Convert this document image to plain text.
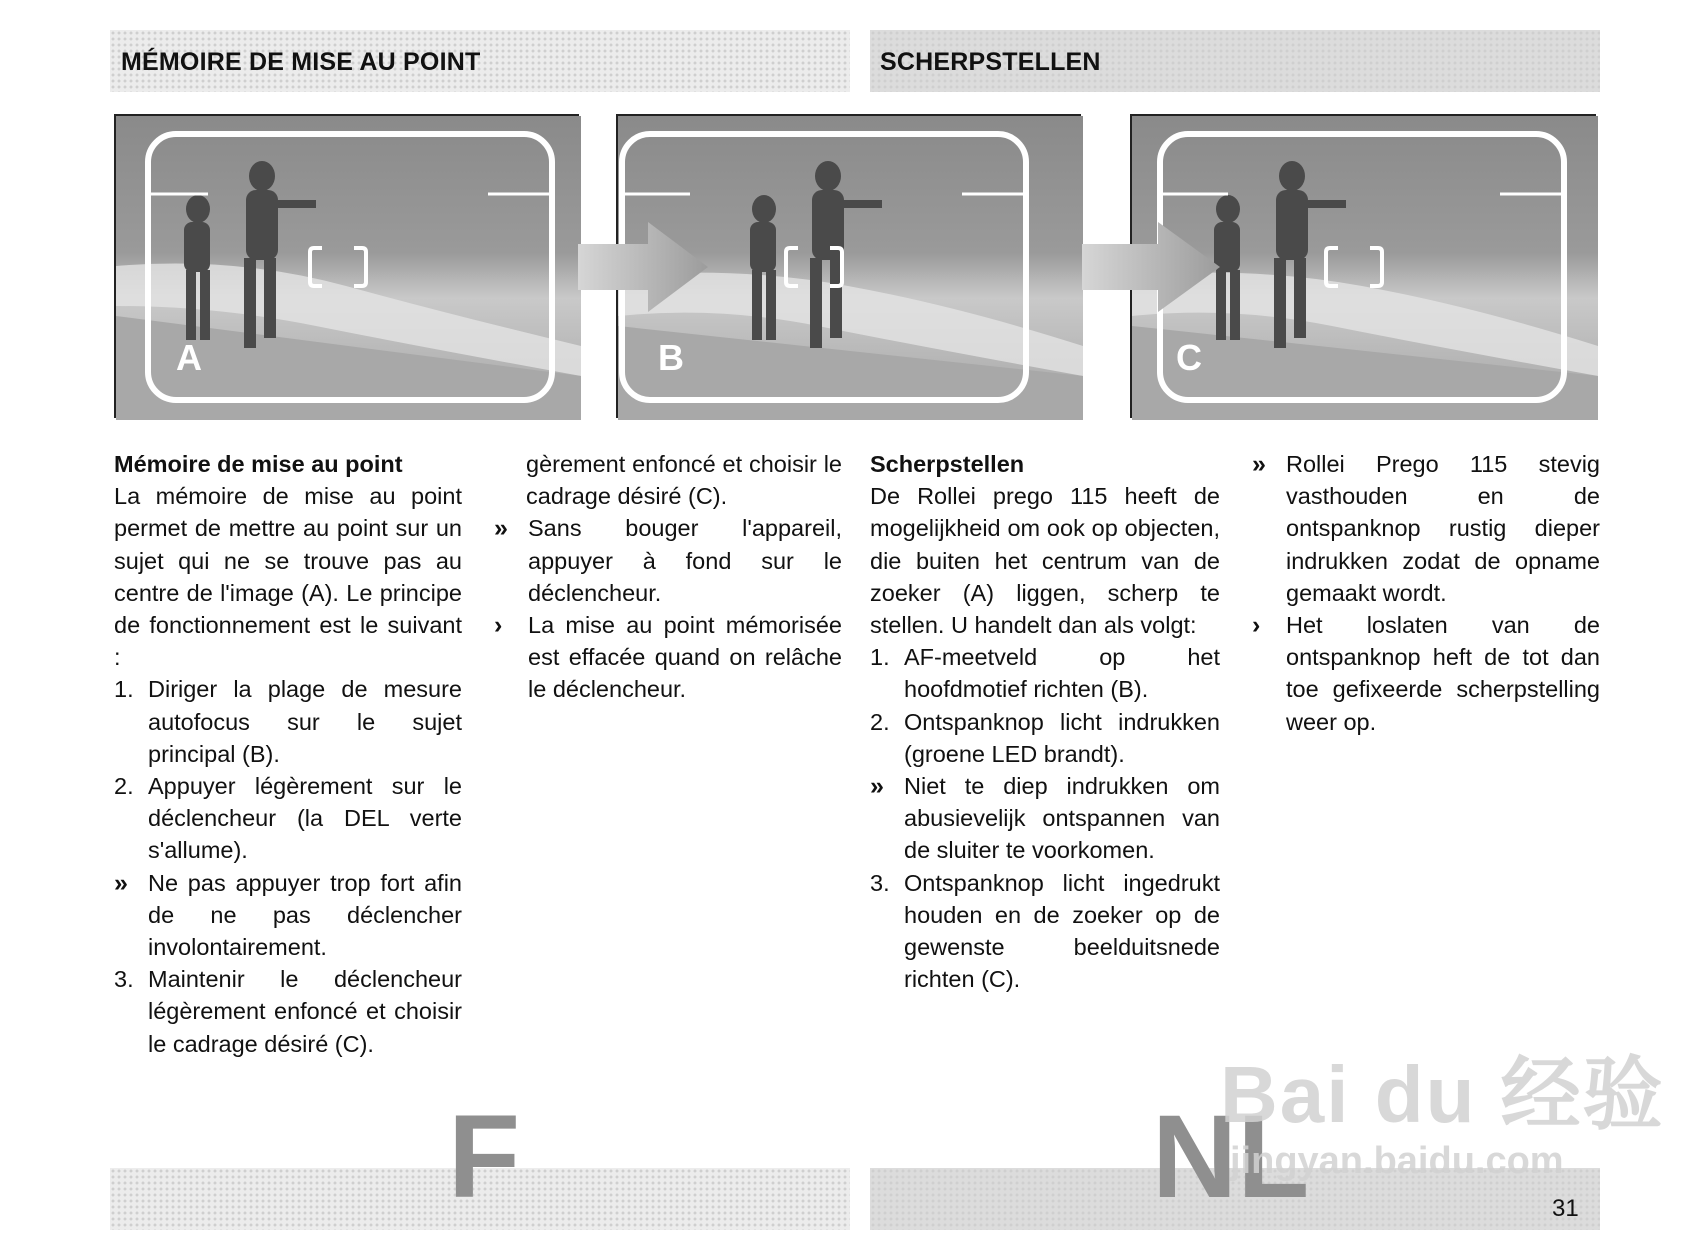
MÉMOIRE DE MISE AU POINT	SCHERPSTELLEN
A	B	C

Mémoire de mise au point

La mémoire de mise au point permet de mettre au point sur un sujet qui ne se trouve pas au centre de l'image (A). Le principe de fonctionnement est le suivant :

1. Diriger la plage de mesure autofocus sur le sujet principal (B).

2. Appuyer légèrement sur le déclencheur (la DEL verte s'allume).

» Ne pas appuyer trop fort afin de ne pas déclencher involontairement.

3. Maintenir le déclencheur légèrement enfoncé et choisir le cadrage désiré (C).

gèrement enfoncé et choisir le cadrage désiré (C).

» Sans bouger l'appareil, appuyer à fond sur le déclencheur.

› La mise au point mémorisée est effacée quand on relâche le déclencheur.

Scherpstellen

De Rollei prego 115 heeft de mogelijkheid om ook op objecten, die buiten het centrum van de zoeker (A) liggen, scherp te stellen. U handelt dan als volgt:

1. AF-meetveld op het hoofdmotief richten (B).

2. Ontspanknop licht indrukken (groene LED brandt).

» Niet te diep indrukken om abusievelijk ontspannen van de sluiter te voorkomen.

3. Ontspanknop licht ingedrukt houden en de zoeker op de gewenste beelduitsnede richten (C).

» Rollei Prego 115 stevig vasthouden en de ontspanknop rustig dieper indrukken zodat de opname gemaakt wordt.

› Het loslaten van de ontspanknop heft de tot dan toe gefixeerde scherpstelling weer op.

F	NL
Bai du 经验
jingyan.baidu.com
31
